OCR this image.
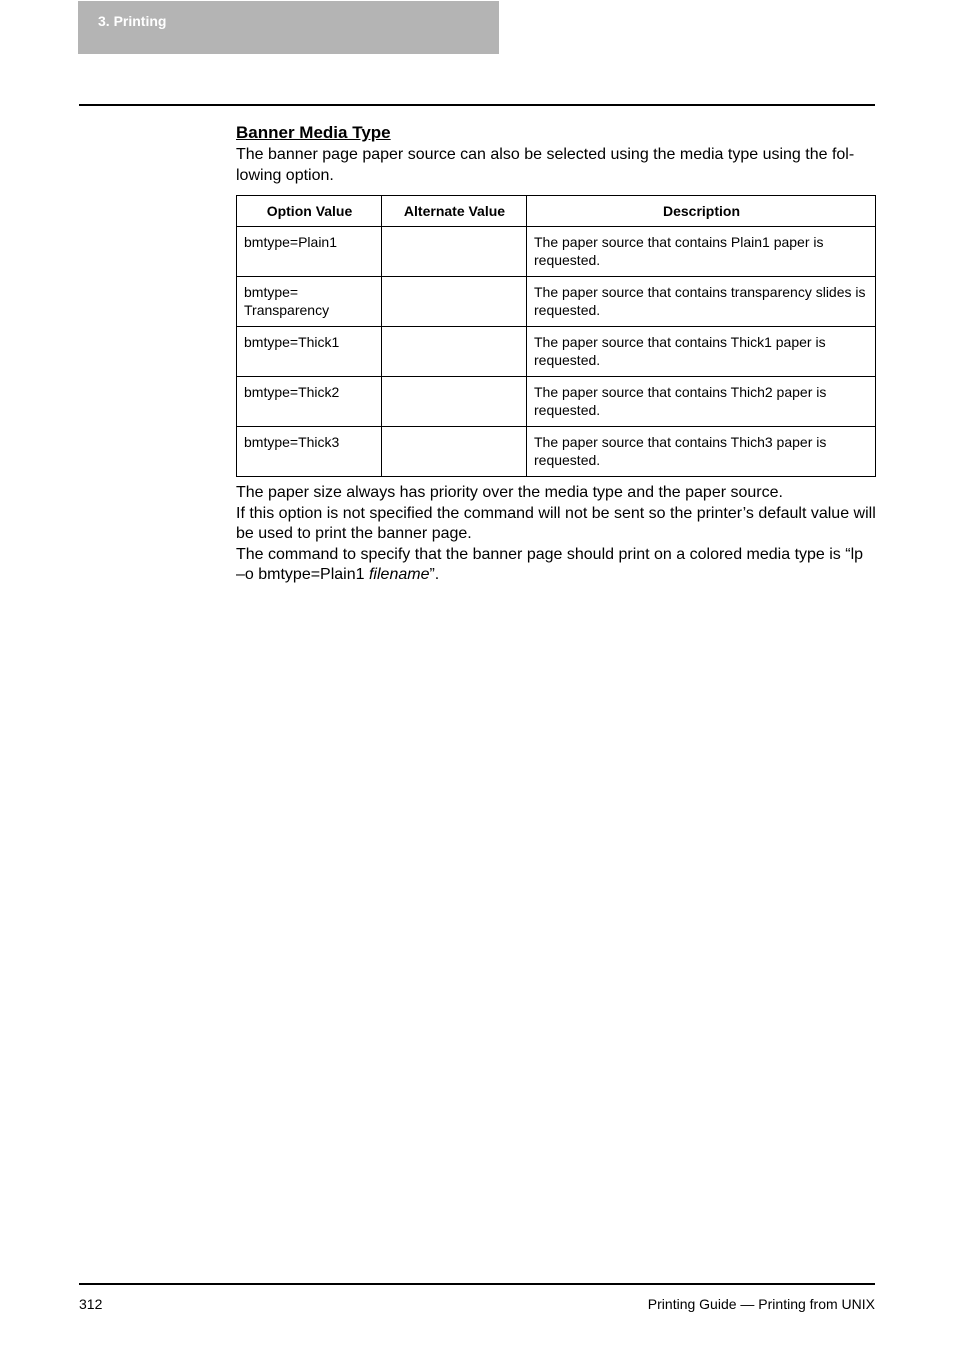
3. Printing
Banner Media Type

The banner page paper source can also be selected using the media type using the fol-lowing option.

Option Value	Alternate Value	Description
bmtype=Plain1		The paper source that contains Plain1 paper is requested.
bmtype=
Transparency		The paper source that contains transparency slides is requested.
bmtype=Thick1		The paper source that contains Thick1 paper is requested.
bmtype=Thick2		The paper source that contains Thich2 paper is requested.
bmtype=Thick3		The paper source that contains Thich3 paper is requested.

The paper size always has priority over the media type and the paper source.

If this option is not specified the command will not be sent so the printer’s default value will be used to print the banner page.

The command to specify that the banner page should print on a colored media type is “lp –o bmtype=Plain1 filename”.

312	Printing Guide — Printing from UNIX
